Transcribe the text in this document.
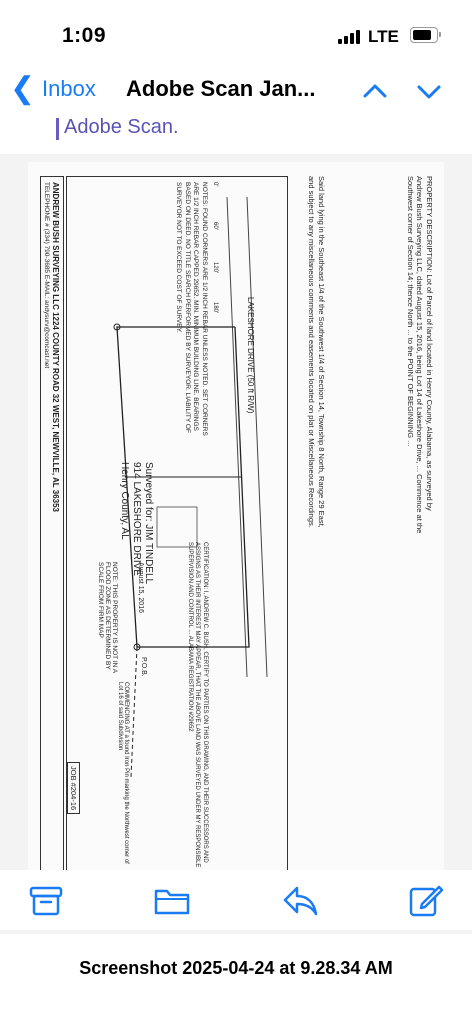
1:09	LTE
❮ Inbox Adobe Scan Jan...
Adobe Scan.
PROPERTY DESCRIPTION: Lot of Parcel of land located in Henry County, Alabama, as surveyed by Andrew Bush Surveying LLC, dated August 15, 2016, being Lot 14 of Lakeshore Drive, ... Commence at the Southwest corner of Section 14; thence North ... to the POINT OF BEGINNING ...
Said land lying in the Southeast 1/4 of the Southwest 1/4 of Section 14, Township 8 North, Range 29 East, and subject to any miscellaneous comments and easements located on plat or Miscellaneous Recordings.
LAKESHORE DRIVE (50 ft R/W)
P.O.B.
COMMENCING AT a found Iron Pin marking the Northwest corner of Lot 16 of said Subdivision	CERTIFICATION: I, ANDREW C. BUSH, CERTIFY TO PARTIES ON THIS DRAWING, AND THEIR SUCCESSORS AND ASSIGNS AS THEIR INTEREST MAY APPEAR, THAT THE ABOVE LAND WAS SURVEYED UNDER MY RESPONSIBLE SUPERVISION AND CONTROL ... ALABAMA REGISTRATION #29652
August 15, 2016
NOTE: THIS PROPERTY IS NOT IN A FLOOD ZONE AS DETERMINED BY SCALE FROM FIRM MAP
JOB #204-16
NOTES: FOUND CORNERS ARE 1/2 INCH REBAR UNLESS NOTED. SET CORNERS ARE 1/2 INCH REBAR CAPPED 29652. MIN. MINIMUM BUILDING LINE. BEARINGS BASED ON DEED. NO TITLE SEARCH PERFORMED BY SURVEYOR. LIABILITY OF SURVEYOR NOT TO EXCEED COST OF SURVEY.	0'
60'
120'
180'
Surveyed for: JIM TINDELL
914 LAKESHORE DRIVE
Henry County, AL
ANDREW BUSH SURVEYING LLC 1224 COUNTY ROAD 32 WEST, NEWVILLE, AL 36353
TELEPHONE # (334) 790-3685 E-MAIL: andysurv@comcast.net
Screenshot 2025-04-24 at 9.28.34 AM
